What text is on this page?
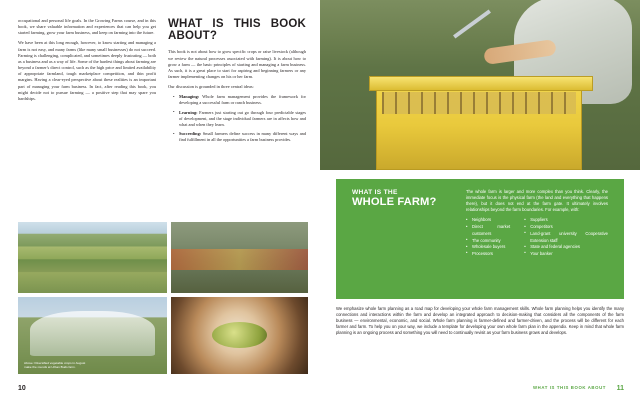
occupational and personal life goals. In the Growing Farms course, and in this book, we share valuable information and experiences that can help you get started farming, grow your farm business, and keep on farming into the future.

We have been at this long enough, however, to know starting and managing a farm is not easy, and many farms (like many small businesses) do not succeed. Farming is challenging, complicated, and sometimes deeply frustrating — both as a business and as a way of life. Some of the hardest things about farming are beyond a farmer's direct control, such as the high price and limited availability of appropriate farmland, tough marketplace competition, and thin profit margins. Having a clear-eyed perspective about these realities is an important part of managing your farm business. In fact, after reading this book, you might decide not to pursue farming — a positive step that may spare you hardships.

WHAT IS THIS BOOK ABOUT?

This book is not about how to grow specific crops or raise livestock (although we review the natural processes associated with farming). It is about how to grow a farm — the basic principles of starting and managing a farm business. As such, it is a great place to start for aspiring and beginning farmers or any farmer implementing changes on his or her farm.

Our discussion is grounded in three central ideas:

• Managing: Whole farm management provides the framework for developing a successful farm or ranch business.
• Learning: Farmers just starting out go through four predictable stages of development, and the stage individual farmers are in affects how and what and when they learn.
• Succeeding: Small farmers define success in many different ways and find fulfillment in all the opportunities a farm business provides.
Above: Diversified vegetable crops in August make the rounds at Urban Buds farm.
10
WHAT IS THE
WHOLE FARM?

The whole farm is larger and more complex than you think. Clearly, the immediate focus is the physical farm (the land and everything that happens there), but it does not end at the farm gate. It ultimately involves relationships beyond the farm boundaries. For example, with:

• Neighbors
• Direct market customers
• The community
• Wholesale buyers
• Processors
• Suppliers
• Competitors
• Land-grant university Cooperative Extension staff
• State and federal agencies
• Your banker

We emphasize whole farm planning as a road map for developing your whole farm management skills. Whole farm planning helps you identify the many connections and interactions within the farm and develop an integrated approach to decision-making that considers all the components of the farm business — environmental, economic, and social. Whole farm planning is farmer-defined and farmer-driven, and the process will be different for each farmer and farm. To help you on your way, we include a template for developing your own whole farm plan in the appendix. Keep in mind that whole farm planning is an ongoing process and something you will need to continually revisit as your farm business grows and develops.

WHAT IS THIS BOOK ABOUT 11
